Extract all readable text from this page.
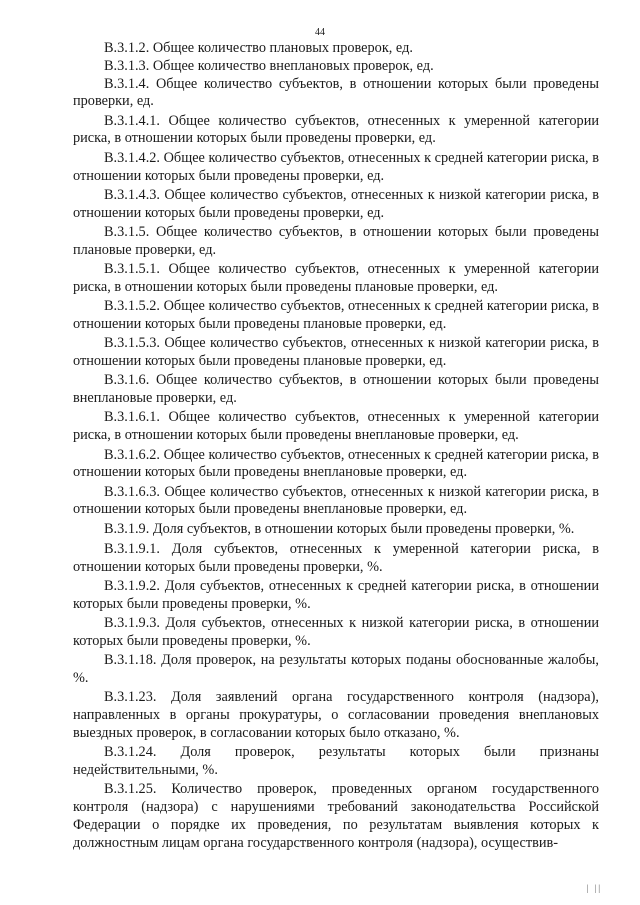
44

В.3.1.2. Общее количество плановых проверок, ед.

В.3.1.3. Общее количество внеплановых проверок, ед.

В.3.1.4. Общее количество субъектов, в отношении которых были проведены проверки, ед.

В.3.1.4.1. Общее количество субъектов, отнесенных к умеренной категории риска, в отношении которых были проведены проверки, ед.

В.3.1.4.2. Общее количество субъектов, отнесенных к средней категории риска, в отношении которых были проведены проверки, ед.

В.3.1.4.3. Общее количество субъектов, отнесенных к низкой категории риска, в отношении которых были проведены проверки, ед.

В.3.1.5. Общее количество субъектов, в отношении которых были проведены плановые проверки, ед.

В.3.1.5.1. Общее количество субъектов, отнесенных к умеренной категории риска, в отношении которых были проведены плановые проверки, ед.

В.3.1.5.2. Общее количество субъектов, отнесенных к средней категории риска, в отношении которых были проведены плановые проверки, ед.

В.3.1.5.3. Общее количество субъектов, отнесенных к низкой категории риска, в отношении которых были проведены плановые проверки, ед.

В.3.1.6. Общее количество субъектов, в отношении которых были проведены внеплановые проверки, ед.

В.3.1.6.1. Общее количество субъектов, отнесенных к умеренной категории риска, в отношении которых были проведены внеплановые проверки, ед.

В.3.1.6.2. Общее количество субъектов, отнесенных к средней категории риска, в отношении которых были проведены внеплановые проверки, ед.

В.3.1.6.3. Общее количество субъектов, отнесенных к низкой категории риска, в отношении которых были проведены внеплановые проверки, ед.

В.3.1.9. Доля субъектов, в отношении которых были проведены проверки, %.

В.3.1.9.1. Доля субъектов, отнесенных к умеренной категории риска, в отношении которых были проведены проверки, %.

В.3.1.9.2. Доля субъектов, отнесенных к средней категории риска, в отношении которых были проведены проверки, %.

В.3.1.9.3. Доля субъектов, отнесенных к низкой категории риска, в отношении которых были проведены проверки, %.

В.3.1.18. Доля проверок, на результаты которых поданы обоснованные жалобы, %.

В.3.1.23. Доля заявлений органа государственного контроля (надзора), направленных в органы прокуратуры, о согласовании проведения внеплановых выездных проверок, в согласовании которых было отказано, %.

В.3.1.24. Доля проверок, результаты которых были признаны недействительными, %.

В.3.1.25. Количество проверок, проведенных органом государственного контроля (надзора) с нарушениями требований законодательства Российской Федерации о порядке их проведения, по результатам выявления которых к должностным лицам органа государственного контроля (надзора), осуществив-

| ||
